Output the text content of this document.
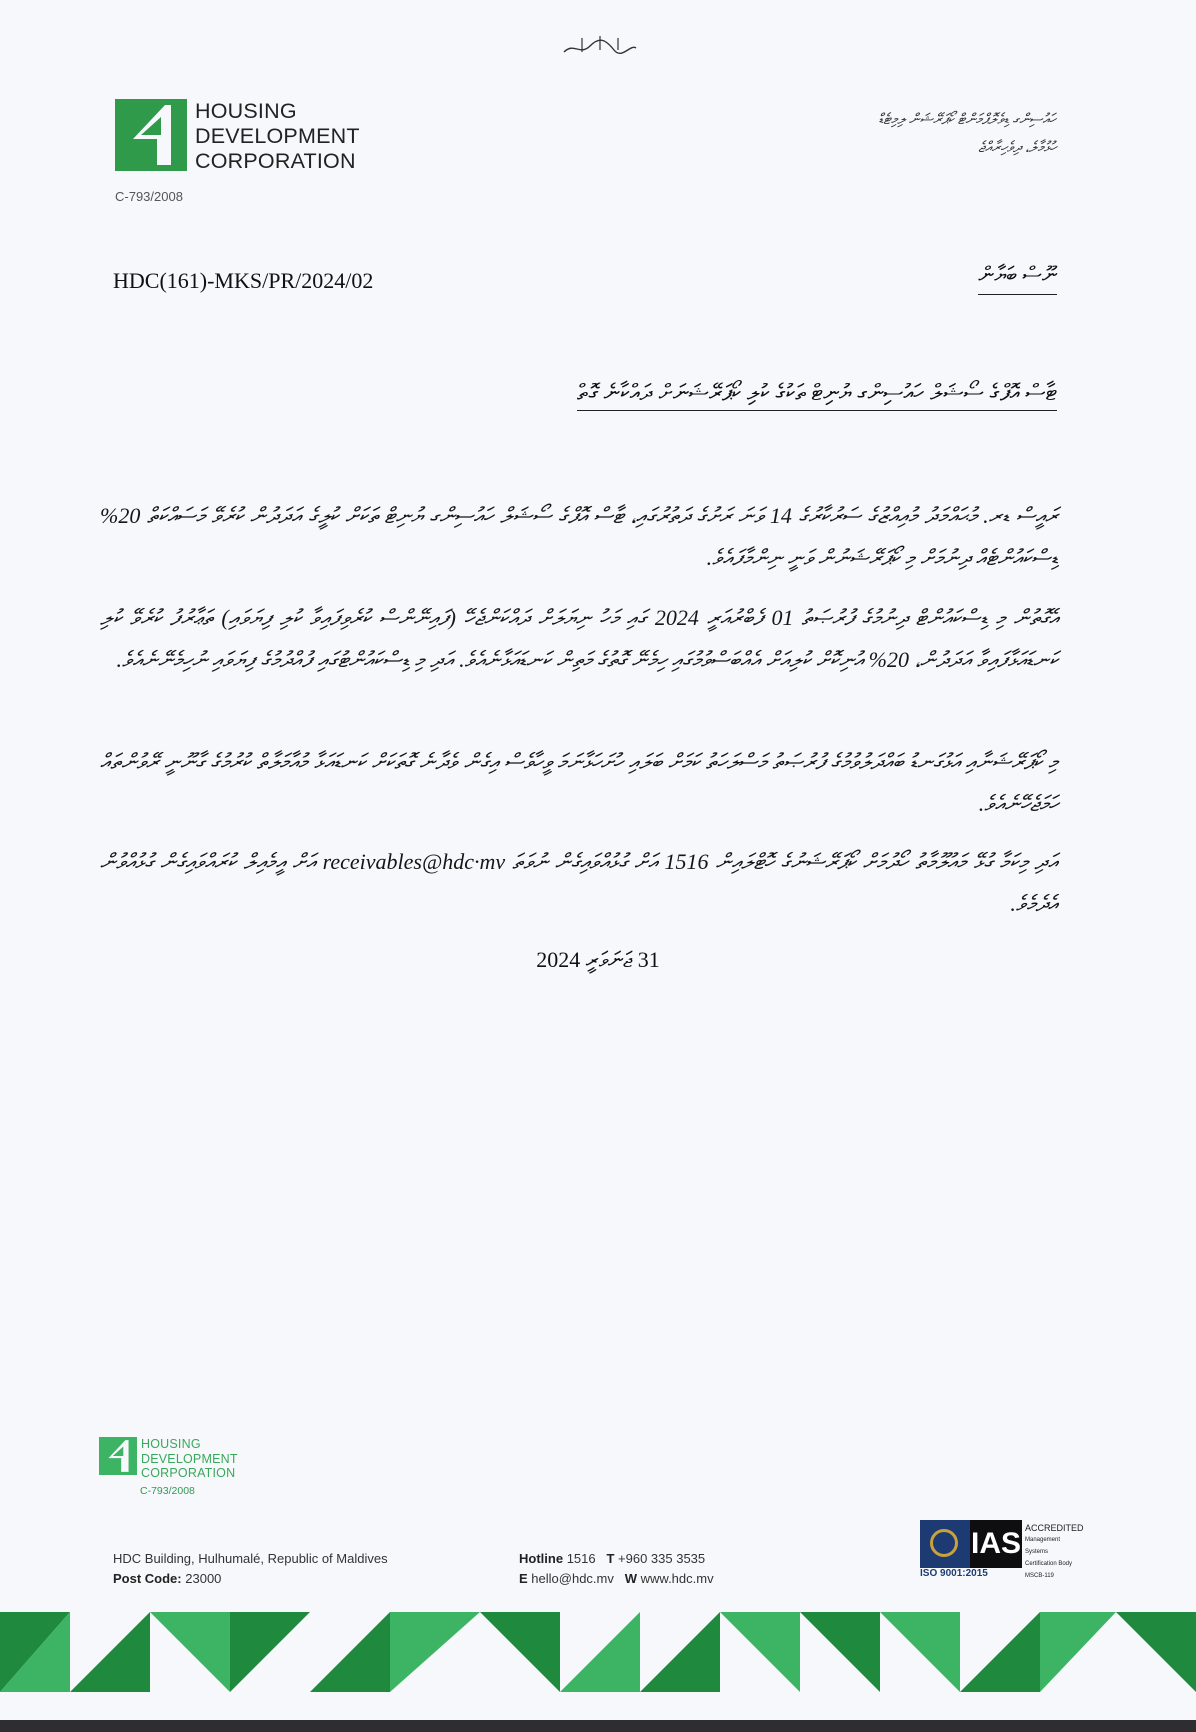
HOUSING
DEVELOPMENT
CORPORATION
C-793/2008
ހައުސިންގ ޑިވެލޮޕްމަންޓް ކޯޕަރޭޝަން ލިމިޓެޑް
ހުޅުމާލެ، ދިވެހިރާއްޖެ
HDC(161)-MKS/PR/2024/02	ނޫސް ބަޔާން
ޓާސް އޮފްގެ ސޯޝަލް ހައުސިންގ ޔުނިޓް ތަކުގެ ކުލި ކޯޕަރޭޝަނަށް ދައްކާނެ ގޮތް
ރައީސް ޑރ. މުޙައްމަދު މުއިއްޒުގެ ސަރުކާރުގެ 14 ވަނަ ރަށުގެ ދަތުރުގައި، ޓާސް އޮފްގެ ސޯޝަލް ހައުސިންގ ޔުނިޓް ތަކަށް ކުލީގެ އަދަދުން ކުރެވޭ މަސައްކަތް 20% ޑިސްކައުންޓެއް ދިނުމަށް މި ކޯޕަރޭޝަނުން ވަނީ ނިންމާފައެވެ.
އެގޮތުން މި ޑިސްކައުންޓް ދިނުމުގެ ފުރުޞަތު 01 ފެބްރުއަރީ 2024 ގައި މަހު ނިޔަލަށް ދައްކަންޖެހޭ (ފައިނޭންސް ކުރެވިފައިވާ ކުލި ފިޔަވައި) ތަޢާރުފު ކުރެވޭ ކުލި ކަނޑައަޅާފައިވާ އަދަދުން، 20% އުނިކޮށް ކުލިއަށް އެއްބަސްވުމުގައި ހިމެނޭ ގޮތުގެ މަތިން ކަނޑައަޅާނެއެވެ. އަދި މި ޑިސްކައުންޓުގައި ފުއްދުމުގެ ފިޔަވައި ނުހިމެނޭނެއެވެ.
މި ކޯޕަރޭޝަނާއި އަޅުގަނޑު ބައްދަލުވުމުގެ ފުރުޞަތު މަސްލަހަތު ކަމަށް ބަލައި ހުށަހަޅާނަމަ ވީހާވެސް އިގެން ވެދާނެ ގޮތަކަށް ކަނޑައަޅާ މުއާމަލާތް ކުރުމުގެ ގާނޫނީ ރޭވުންތައް ހަމަޖެހޭނެއެވެ.
އަދި މިކަމާ ގުޅޭ މައުލޫމާތު ހޯދުމަށް ކޯޕަރޭޝަނުގެ ހޮޓްލައިން 1516 އަށް ގުޅުއްވައިގެން ނުވަތަ receivables@hdc·mv އަށް އީމެއިލް ކުރައްވައިގެން ގުޅުއްވުން އެދެމެވެ.
31 ޖަނަވަރީ 2024
HOUSING
DEVELOPMENT
CORPORATION
C-793/2008
HDC Building, Hulhumalé, Republic of Maldives
Post Code: 23000
Hotline 1516 T +960 335 3535
E hello@hdc.mv W www.hdc.mv
IAS ACCREDITED
Management Systems
Certification Body
MSCB-119
ISO 9001:2015
